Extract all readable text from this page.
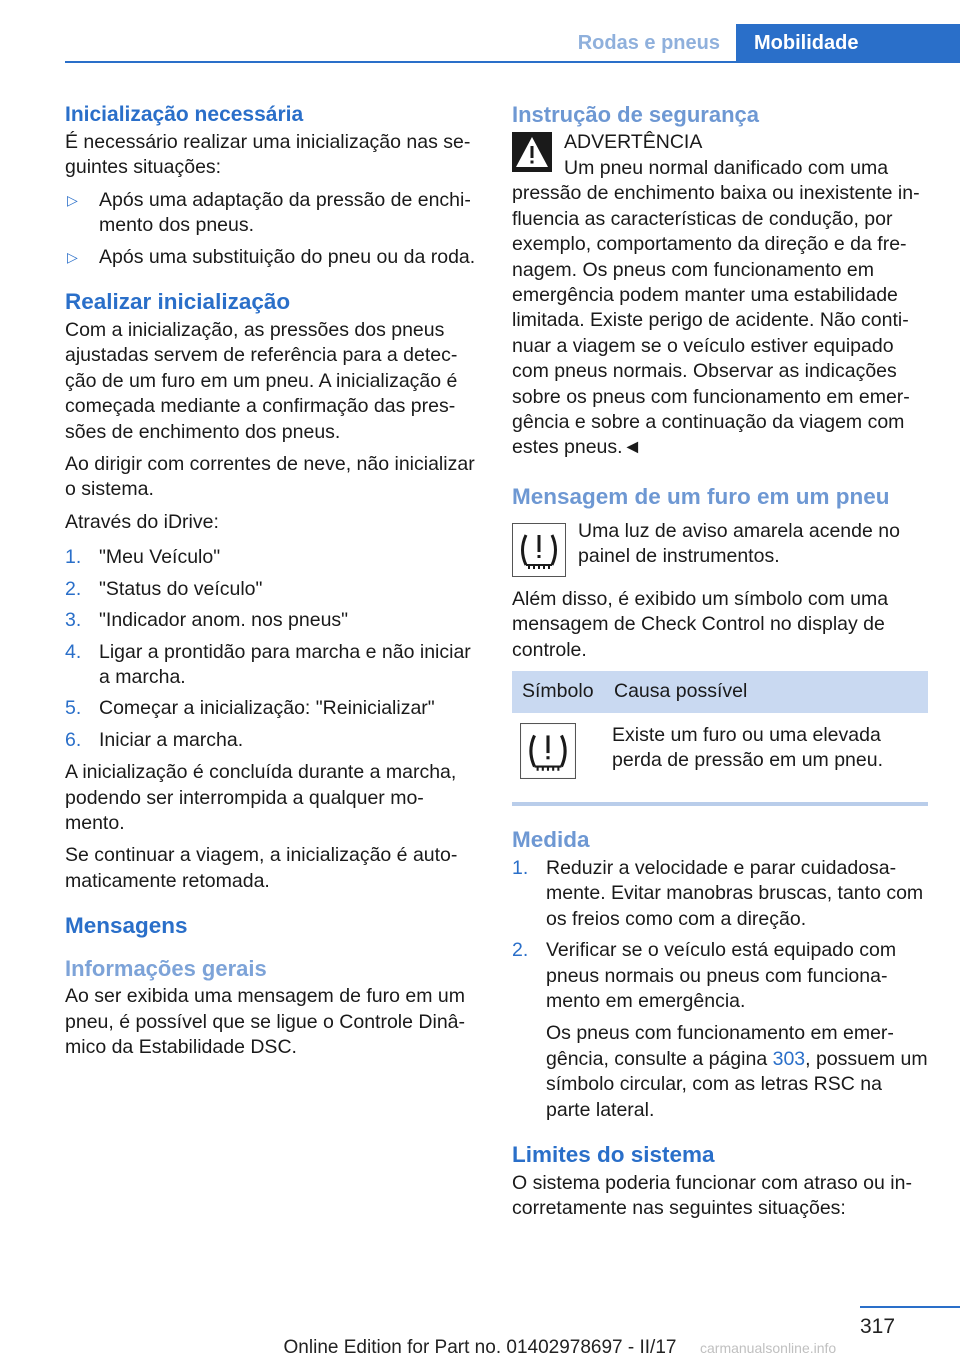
Rodas e pneus	Mobilidade
Inicialização necessária

É necessário realizar uma inicialização nas se-guintes situações:

▷ Após uma adaptação da pressão de enchi-mento dos pneus.
▷ Após uma substituição do pneu ou da roda.
Realizar inicialização

Com a inicialização, as pressões dos pneus ajustadas servem de referência para a detec-ção de um furo em um pneu. A inicialização é começada mediante a confirmação das pres-sões de enchimento dos pneus.

Ao dirigir com correntes de neve, não inicializar o sistema.

Através do iDrive:

1. "Meu Veículo"
2. "Status do veículo"
3. "Indicador anom. nos pneus"
4. Ligar a prontidão para marcha e não iniciar a marcha.
5. Começar a inicialização: "Reinicializar"
6. Iniciar a marcha.

A inicialização é concluída durante a marcha, podendo ser interrompida a qualquer mo-mento.

Se continuar a viagem, a inicialização é auto-maticamente retomada.

Mensagens
Informações gerais

Ao ser exibida uma mensagem de furo em um pneu, é possível que se ligue o Controle Dinâ-mico da Estabilidade DSC.

Instrução de segurança
ADVERTÊNCIA

Um pneu normal danificado com uma pressão de enchimento baixa ou inexistente in-fluencia as características de condução, por exemplo, comportamento da direção e da fre-nagem. Os pneus com funcionamento em emergência podem manter uma estabilidade limitada. Existe perigo de acidente. Não conti-nuar a viagem se o veículo estiver equipado com pneus normais. Observar as indicações sobre os pneus com funcionamento em emer-gência e sobre a continuação da viagem com estes pneus.◄

Mensagem de um furo em um pneu

Uma luz de aviso amarela acende no painel de instrumentos.

Além disso, é exibido um símbolo com uma mensagem de Check Control no display de controle.

Símbolo	Causa possível
	Existe um furo ou uma elevada perda de pressão em um pneu.
Medida
1. Reduzir a velocidade e parar cuidadosa-mente. Evitar manobras bruscas, tanto com os freios como com a direção.
2. Verificar se o veículo está equipado com pneus normais ou pneus com funciona-mento em emergência.

Os pneus com funcionamento em emer-gência, consulte a página 303, possuem um símbolo circular, com as letras RSC na parte lateral.

Limites do sistema

O sistema poderia funcionar com atraso ou in-corretamente nas seguintes situações:

317
Online Edition for Part no. 01402978697 - II/17	carmanualsonline.info
